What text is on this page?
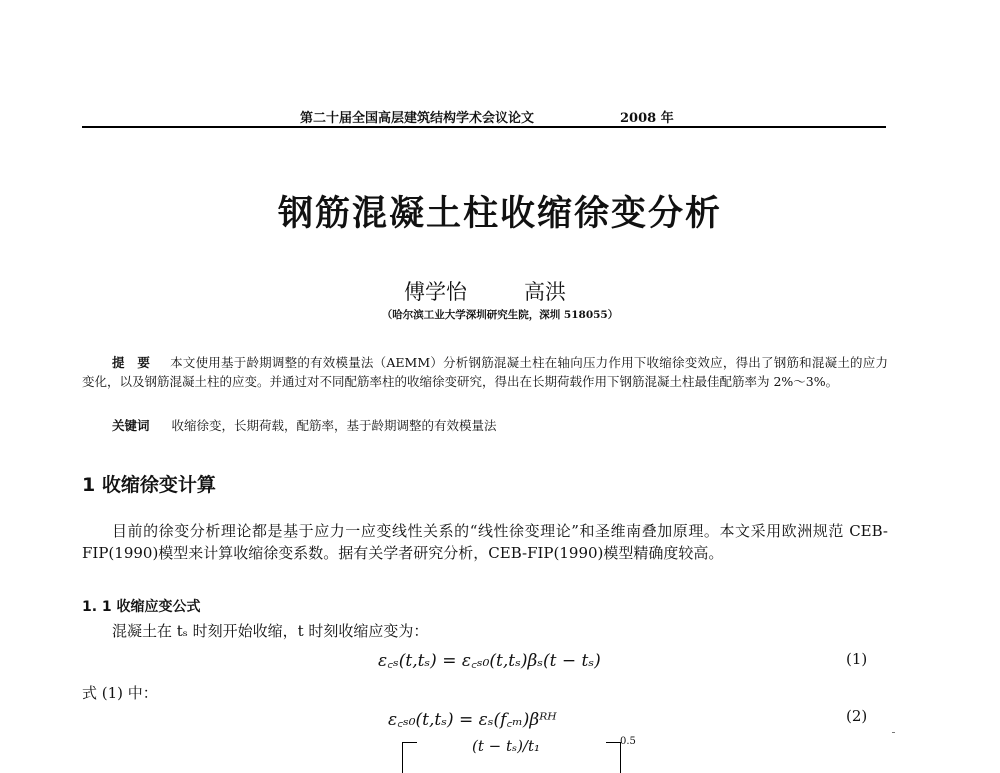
第二十届全国高层建筑结构学术会议论文	2008 年
钢筋混凝土柱收缩徐变分析
傅学怡	高洪
（哈尔滨工业大学深圳研究生院，深圳 518055）
提　要 本文使用基于龄期调整的有效模量法（AEMM）分析钢筋混凝土柱在轴向压力作用下收缩徐变效应，得出了钢筋和混凝土的应力变化，以及钢筋混凝土柱的应变。并通过对不同配筋率柱的收缩徐变研究，得出在长期荷载作用下钢筋混凝土柱最佳配筋率为 2%～3%。
关键词 收缩徐变，长期荷载，配筋率，基于龄期调整的有效模量法
1 收缩徐变计算
目前的徐变分析理论都是基于应力一应变线性关系的“线性徐变理论”和圣维南叠加原理。本文采用欧洲规范 CEB-FIP(1990)模型来计算收缩徐变系数。据有关学者研究分析，CEB-FIP(1990)模型精确度较高。
1. 1 收缩应变公式
混凝土在 tₛ 时刻开始收缩，t 时刻收缩应变为：
ε꜀ₛ(t,tₛ) = ε꜀ₛ₀(t,tₛ)βₛ(t − tₛ)	(1)
式 (1) 中：
ε꜀ₛ₀(t,tₛ) = εₛ(f꜀ₘ)βᴿᴴ	(2)
(t − tₛ)/t₁	0.5
